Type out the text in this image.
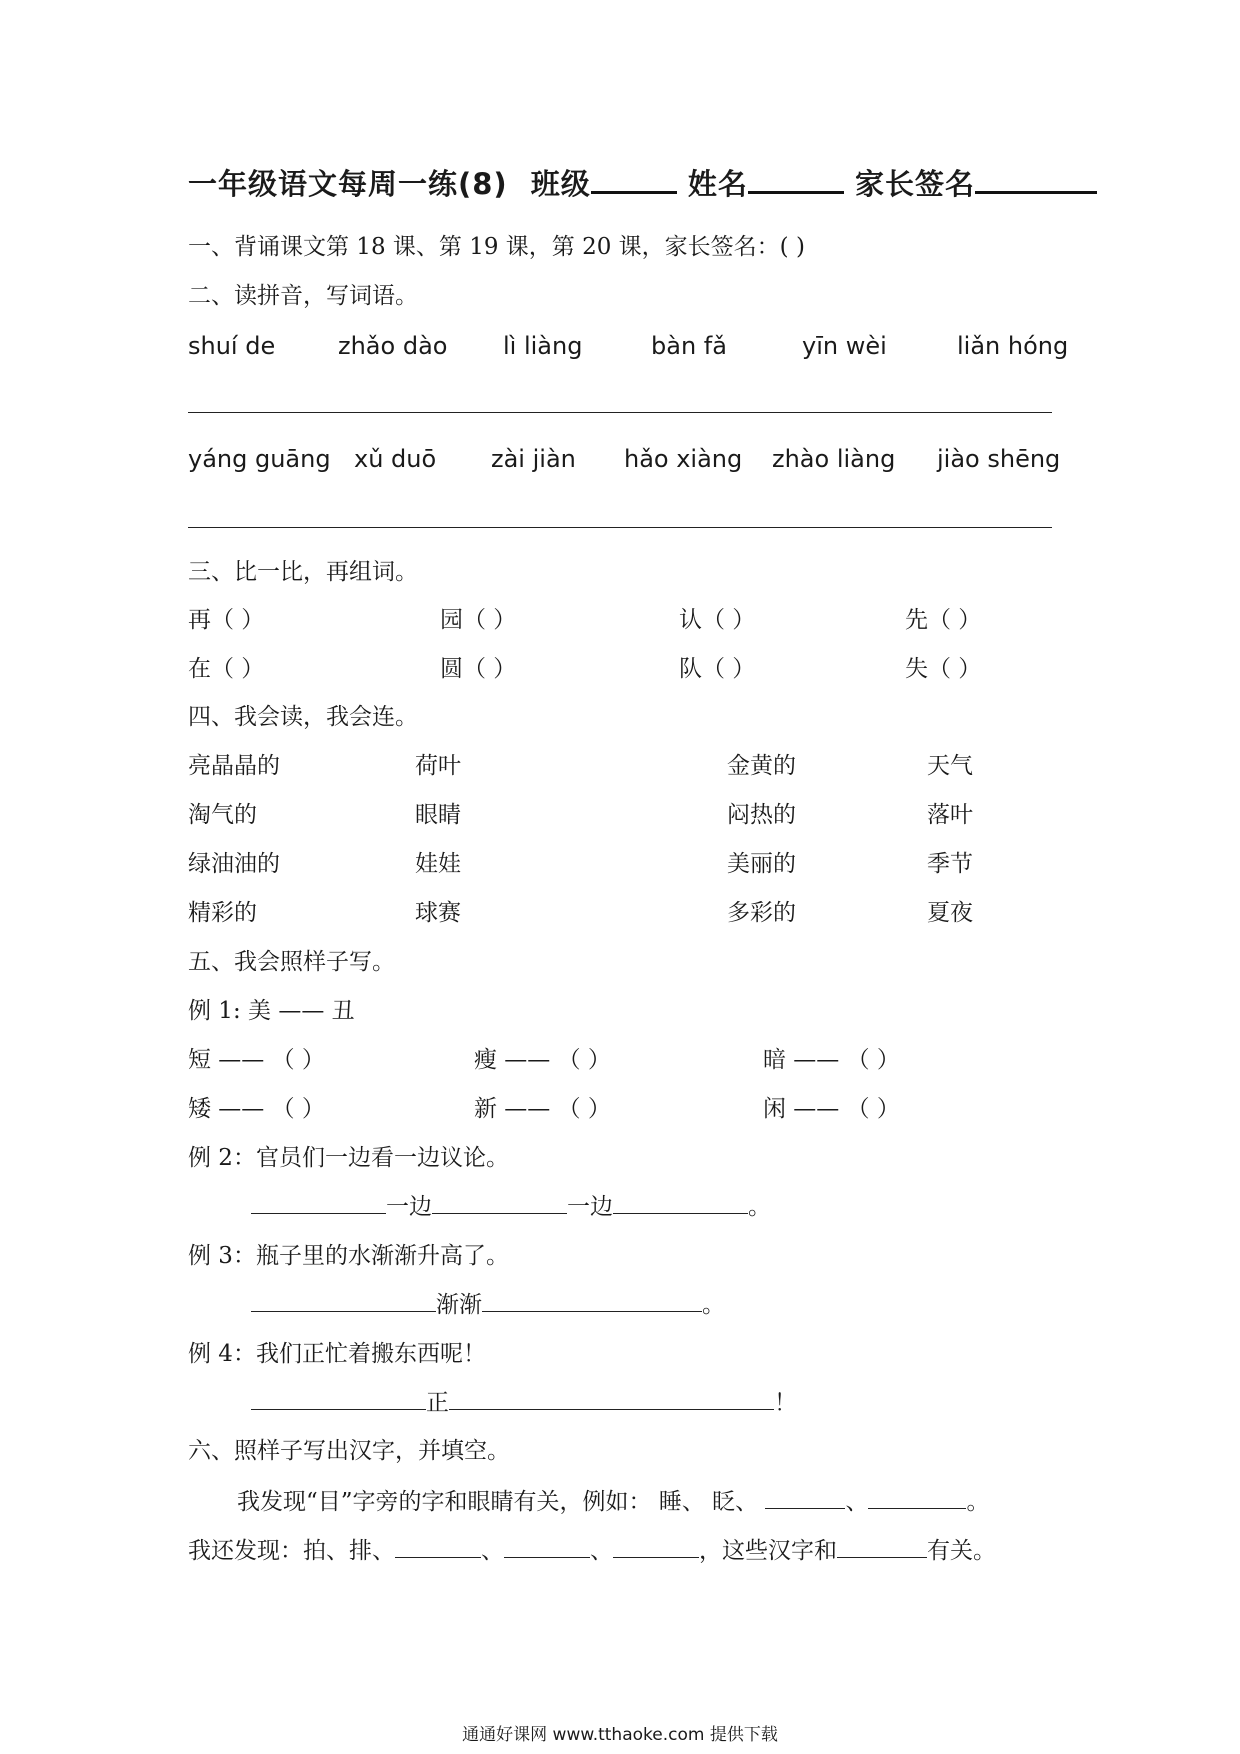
一年级语文每周一练(8) 班级	姓名	家长签名
一、背诵课文第 18 课、第 19 课，第 20 课，家长签名：( )
二、读拼音，写词语。
shuí de	zhǎo dào lì liàng	bàn fǎ	yīn wèi	liǎn hóng
yáng guāng xǔ duō zài jiàn hǎo xiàng zhào liàng jiào shēng
三、比一比，再组词。
再（ ）	园（ ）	认（ ）	先（ ）
在（ ）	圆（ ）	队（ ）	失（ ）
四、我会读，我会连。
亮晶晶的	荷叶	金黄的	天气
淘气的	眼睛	闷热的	落叶
绿油油的	娃娃	美丽的	季节
精彩的	球赛	多彩的	夏夜
五、我会照样子写。
例 1: 美 —— 丑
短 —— （ ）	瘦 —— （ ）	暗 —— （ ）
矮 —— （ ）	新 —— （ ）	闲 —— （ ）
例 2：官员们一边看一边议论。
一边	一边	。
例 3：瓶子里的水渐渐升高了。
渐渐	。
例 4：我们正忙着搬东西呢！
正	！
六、照样子写出汉字，并填空。
我发现“目”字旁的字和眼睛有关，例如： 睡、 眨、	、	。
我还发现：拍、排、	、	、	，这些汉字和	有关。
通通好课网 www.tthaoke.com 提供下载
